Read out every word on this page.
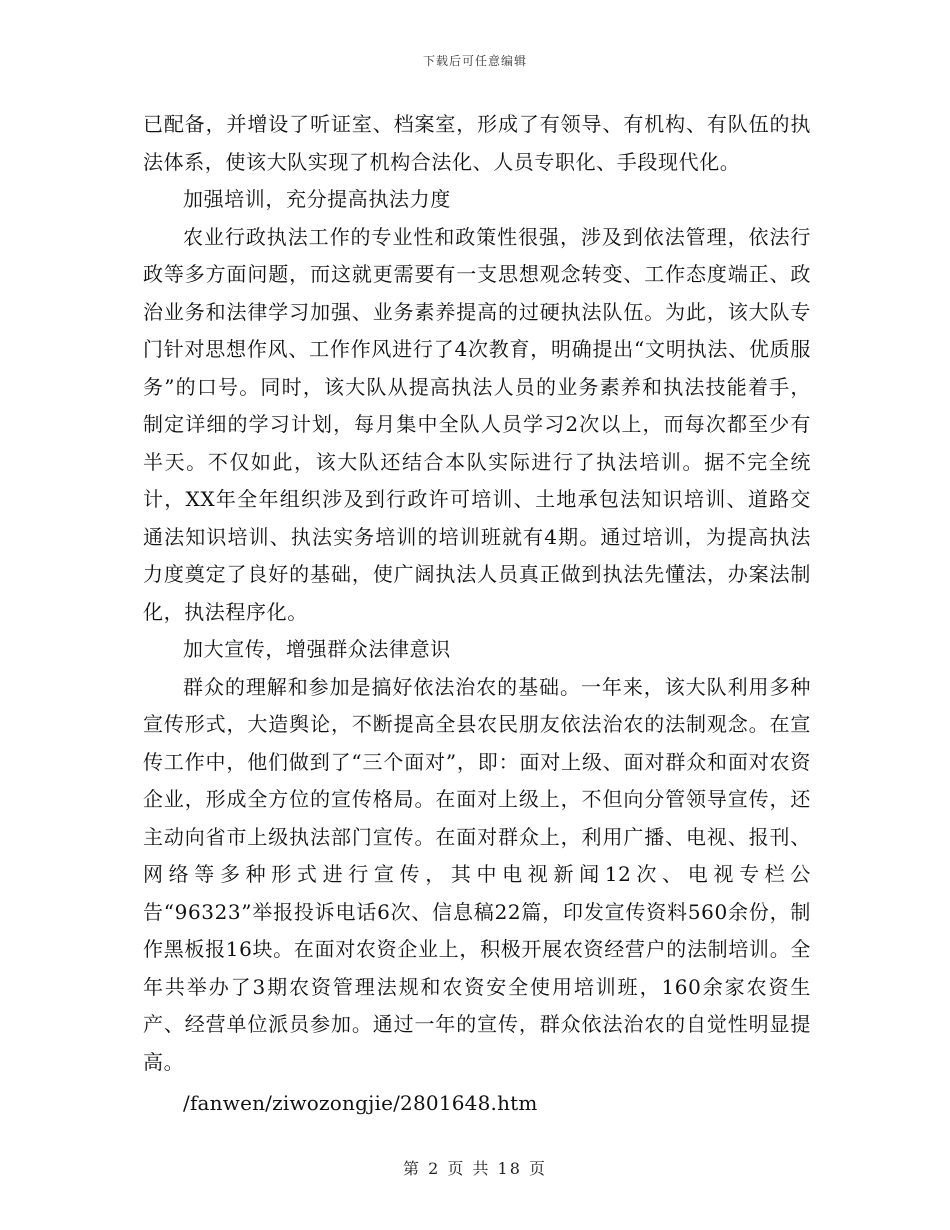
下载后可任意编辑

已配备，并增设了听证室、档案室，形成了有领导、有机构、有队伍的执法体系，使该大队实现了机构合法化、人员专职化、手段现代化。

加强培训，充分提高执法力度

农业行政执法工作的专业性和政策性很强，涉及到依法管理，依法行政等多方面问题，而这就更需要有一支思想观念转变、工作态度端正、政治业务和法律学习加强、业务素养提高的过硬执法队伍。为此，该大队专门针对思想作风、工作作风进行了4次教育，明确提出“文明执法、优质服务”的口号。同时，该大队从提高执法人员的业务素养和执法技能着手，制定详细的学习计划，每月集中全队人员学习2次以上，而每次都至少有半天。不仅如此，该大队还结合本队实际进行了执法培训。据不完全统计，XX年全年组织涉及到行政许可培训、土地承包法知识培训、道路交通法知识培训、执法实务培训的培训班就有4期。通过培训，为提高执法力度奠定了良好的基础，使广阔执法人员真正做到执法先懂法，办案法制化，执法程序化。

加大宣传，增强群众法律意识

群众的理解和参加是搞好依法治农的基础。一年来，该大队利用多种宣传形式，大造舆论，不断提高全县农民朋友依法治农的法制观念。在宣传工作中，他们做到了“三个面对”，即：面对上级、面对群众和面对农资企业，形成全方位的宣传格局。在面对上级上，不但向分管领导宣传，还主动向省市上级执法部门宣传。在面对群众上，利用广播、电视、报刊、网络等多种形式进行宣传，其中电视新闻12次、电视专栏公告“96323”举报投诉电话6次、信息稿22篇，印发宣传资料560余份，制作黑板报16块。在面对农资企业上，积极开展农资经营户的法制培训。全年共举办了3期农资管理法规和农资安全使用培训班，160余家农资生产、经营单位派员参加。通过一年的宣传，群众依法治农的自觉性明显提高。

/fanwen/ziwozongjie/2801648.htm

第 2 页 共 18 页
